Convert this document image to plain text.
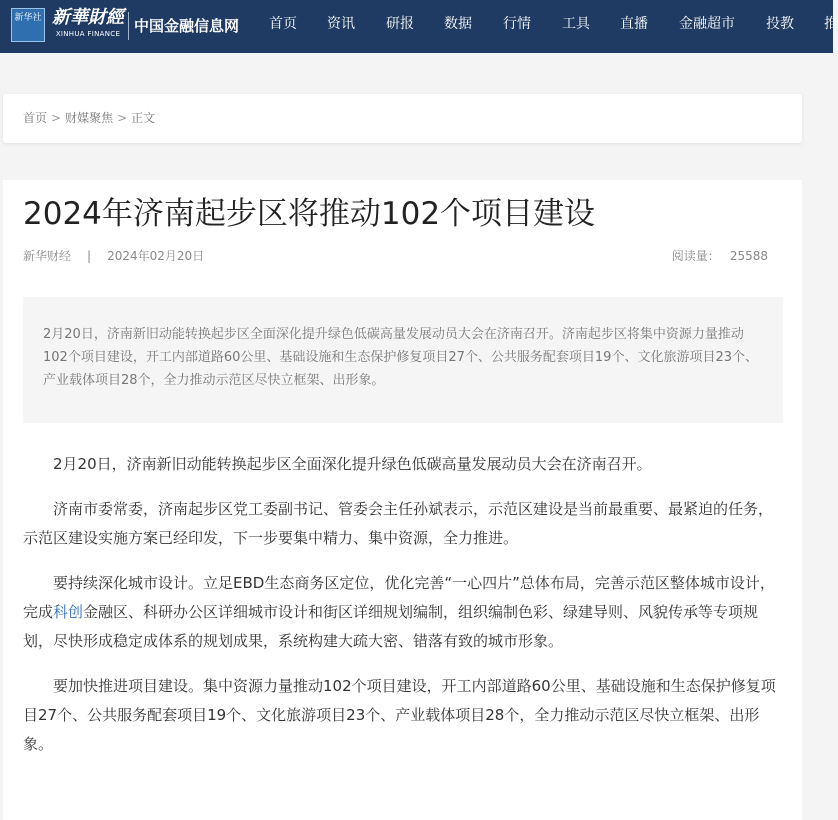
新华社 新華財經
XINHUA FINANCE 中国金融信息网 首页 资讯 研报 数据 行情 工具 直播 金融超市 投教 推
首页 > 财媒聚焦 > 正文
2024年济南起步区将推动102个项目建设
新华财经 | 2024年02月20日	阅读量： 25588
2月20日，济南新旧动能转换起步区全面深化提升绿色低碳高量发展动员大会在济南召开。济南起步区将集中资源力量推动102个项目建设，开工内部道路60公里、基础设施和生态保护修复项目27个、公共服务配套项目19个、文化旅游项目23个、产业载体项目28个，全力推动示范区尽快立框架、出形象。

2月20日，济南新旧动能转换起步区全面深化提升绿色低碳高量发展动员大会在济南召开。

济南市委常委，济南起步区党工委副书记、管委会主任孙斌表示，示范区建设是当前最重要、最紧迫的任务，示范区建设实施方案已经印发，下一步要集中精力、集中资源，全力推进。

要持续深化城市设计。立足EBD生态商务区定位，优化完善“一心四片”总体布局，完善示范区整体城市设计，完成科创金融区、科研办公区详细城市设计和街区详细规划编制，组织编制色彩、绿建导则、风貌传承等专项规划，尽快形成稳定成体系的规划成果，系统构建大疏大密、错落有致的城市形象。

要加快推进项目建设。集中资源力量推动102个项目建设，开工内部道路60公里、基础设施和生态保护修复项目27个、公共服务配套项目19个、文化旅游项目23个、产业载体项目28个，全力推动示范区尽快立框架、出形象。
